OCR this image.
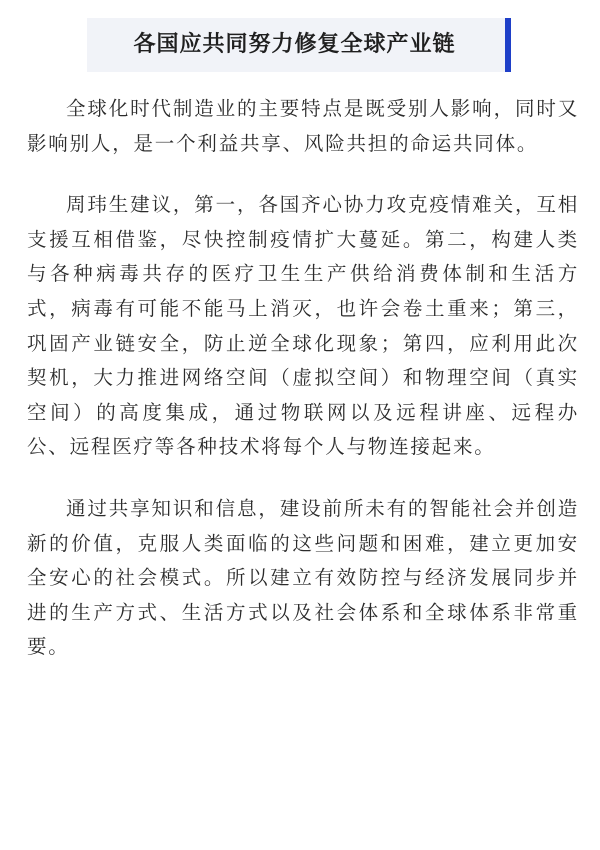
各国应共同努力修复全球产业链

全球化时代制造业的主要特点是既受别人影响，同时又影响别人，是一个利益共享、风险共担的命运共同体。

周玮生建议，第一，各国齐心协力攻克疫情难关，互相支援互相借鉴，尽快控制疫情扩大蔓延。第二，构建人类与各种病毒共存的医疗卫生生产供给消费体制和生活方式，病毒有可能不能马上消灭，也许会卷土重来；第三，巩固产业链安全，防止逆全球化现象；第四，应利用此次契机，大力推进网络空间（虚拟空间）和物理空间（真实空间）的高度集成，通过物联网以及远程讲座、远程办公、远程医疗等各种技术将每个人与物连接起来。

通过共享知识和信息，建设前所未有的智能社会并创造新的价值，克服人类面临的这些问题和困难，建立更加安全安心的社会模式。所以建立有效防控与经济发展同步并进的生产方式、生活方式以及社会体系和全球体系非常重要。
